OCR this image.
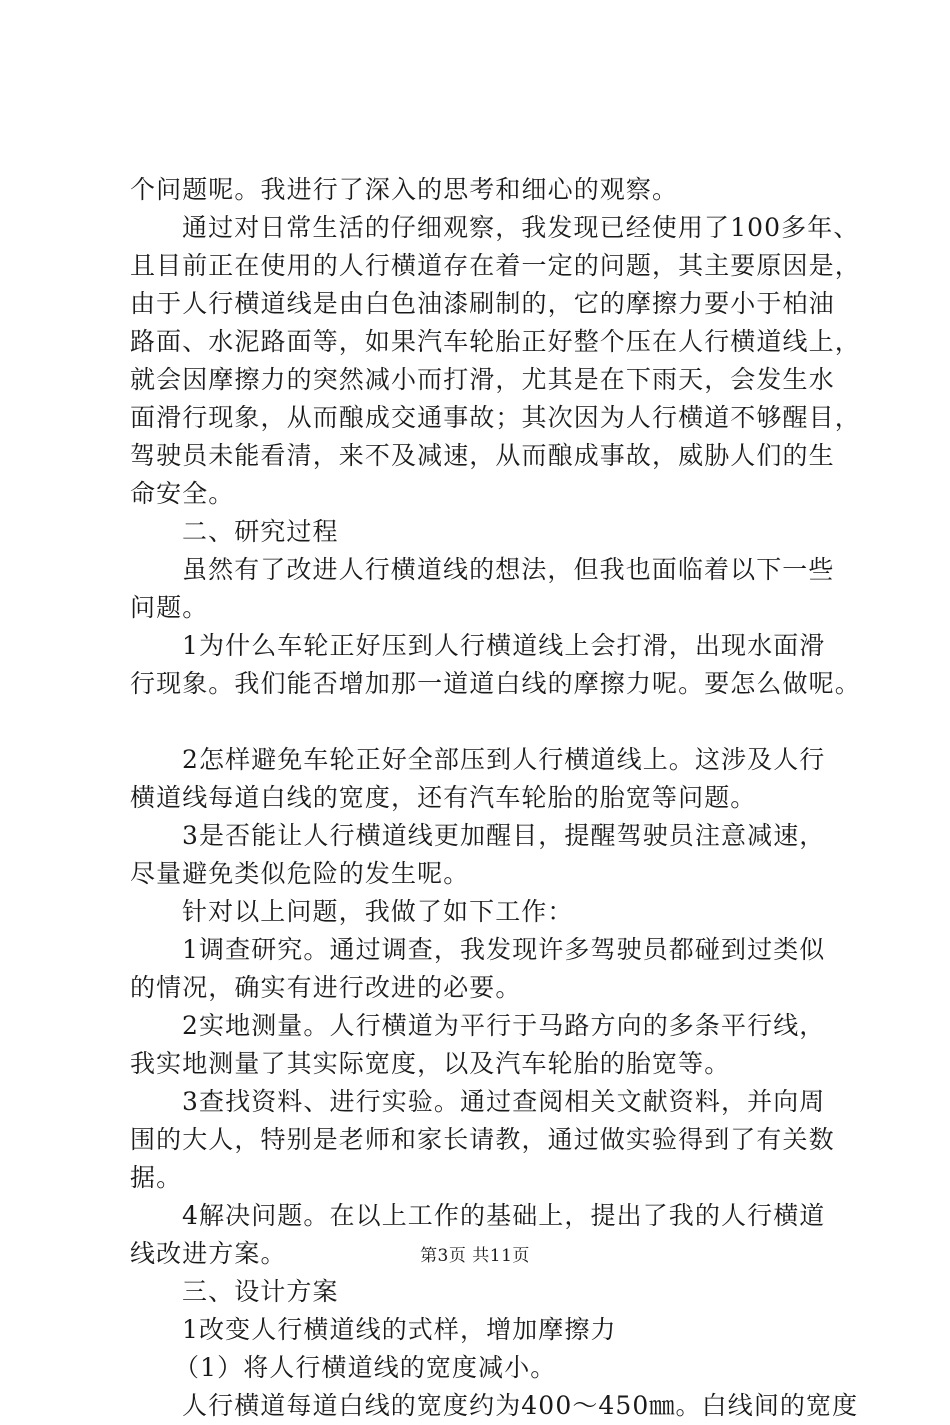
个问题呢。我进行了深入的思考和细心的观察。
通过对日常生活的仔细观察，我发现已经使用了100多年、
且目前正在使用的人行横道存在着一定的问题，其主要原因是，
由于人行横道线是由白色油漆刷制的，它的摩擦力要小于柏油
路面、水泥路面等，如果汽车轮胎正好整个压在人行横道线上，
就会因摩擦力的突然减小而打滑，尤其是在下雨天，会发生水
面滑行现象，从而酿成交通事故；其次因为人行横道不够醒目，
驾驶员未能看清，来不及减速，从而酿成事故，威胁人们的生
命安全。
二、研究过程
虽然有了改进人行横道线的想法，但我也面临着以下一些
问题。
1为什么车轮正好压到人行横道线上会打滑，出现水面滑
行现象。我们能否增加那一道道白线的摩擦力呢。要怎么做呢。
2怎样避免车轮正好全部压到人行横道线上。这涉及人行
横道线每道白线的宽度，还有汽车轮胎的胎宽等问题。
3是否能让人行横道线更加醒目，提醒驾驶员注意减速，
尽量避免类似危险的发生呢。
针对以上问题，我做了如下工作：
1调查研究。通过调查，我发现许多驾驶员都碰到过类似
的情况，确实有进行改进的必要。
2实地测量。人行横道为平行于马路方向的多条平行线，
我实地测量了其实际宽度，以及汽车轮胎的胎宽等。
3查找资料、进行实验。通过查阅相关文献资料，并向周
围的大人，特别是老师和家长请教，通过做实验得到了有关数
据。
4解决问题。在以上工作的基础上，提出了我的人行横道
线改进方案。
三、设计方案
1改变人行横道线的式样，增加摩擦力
（1）将人行横道线的宽度减小。
人行横道每道白线的宽度约为400～450㎜。白线间的宽度
第3页 共11页
